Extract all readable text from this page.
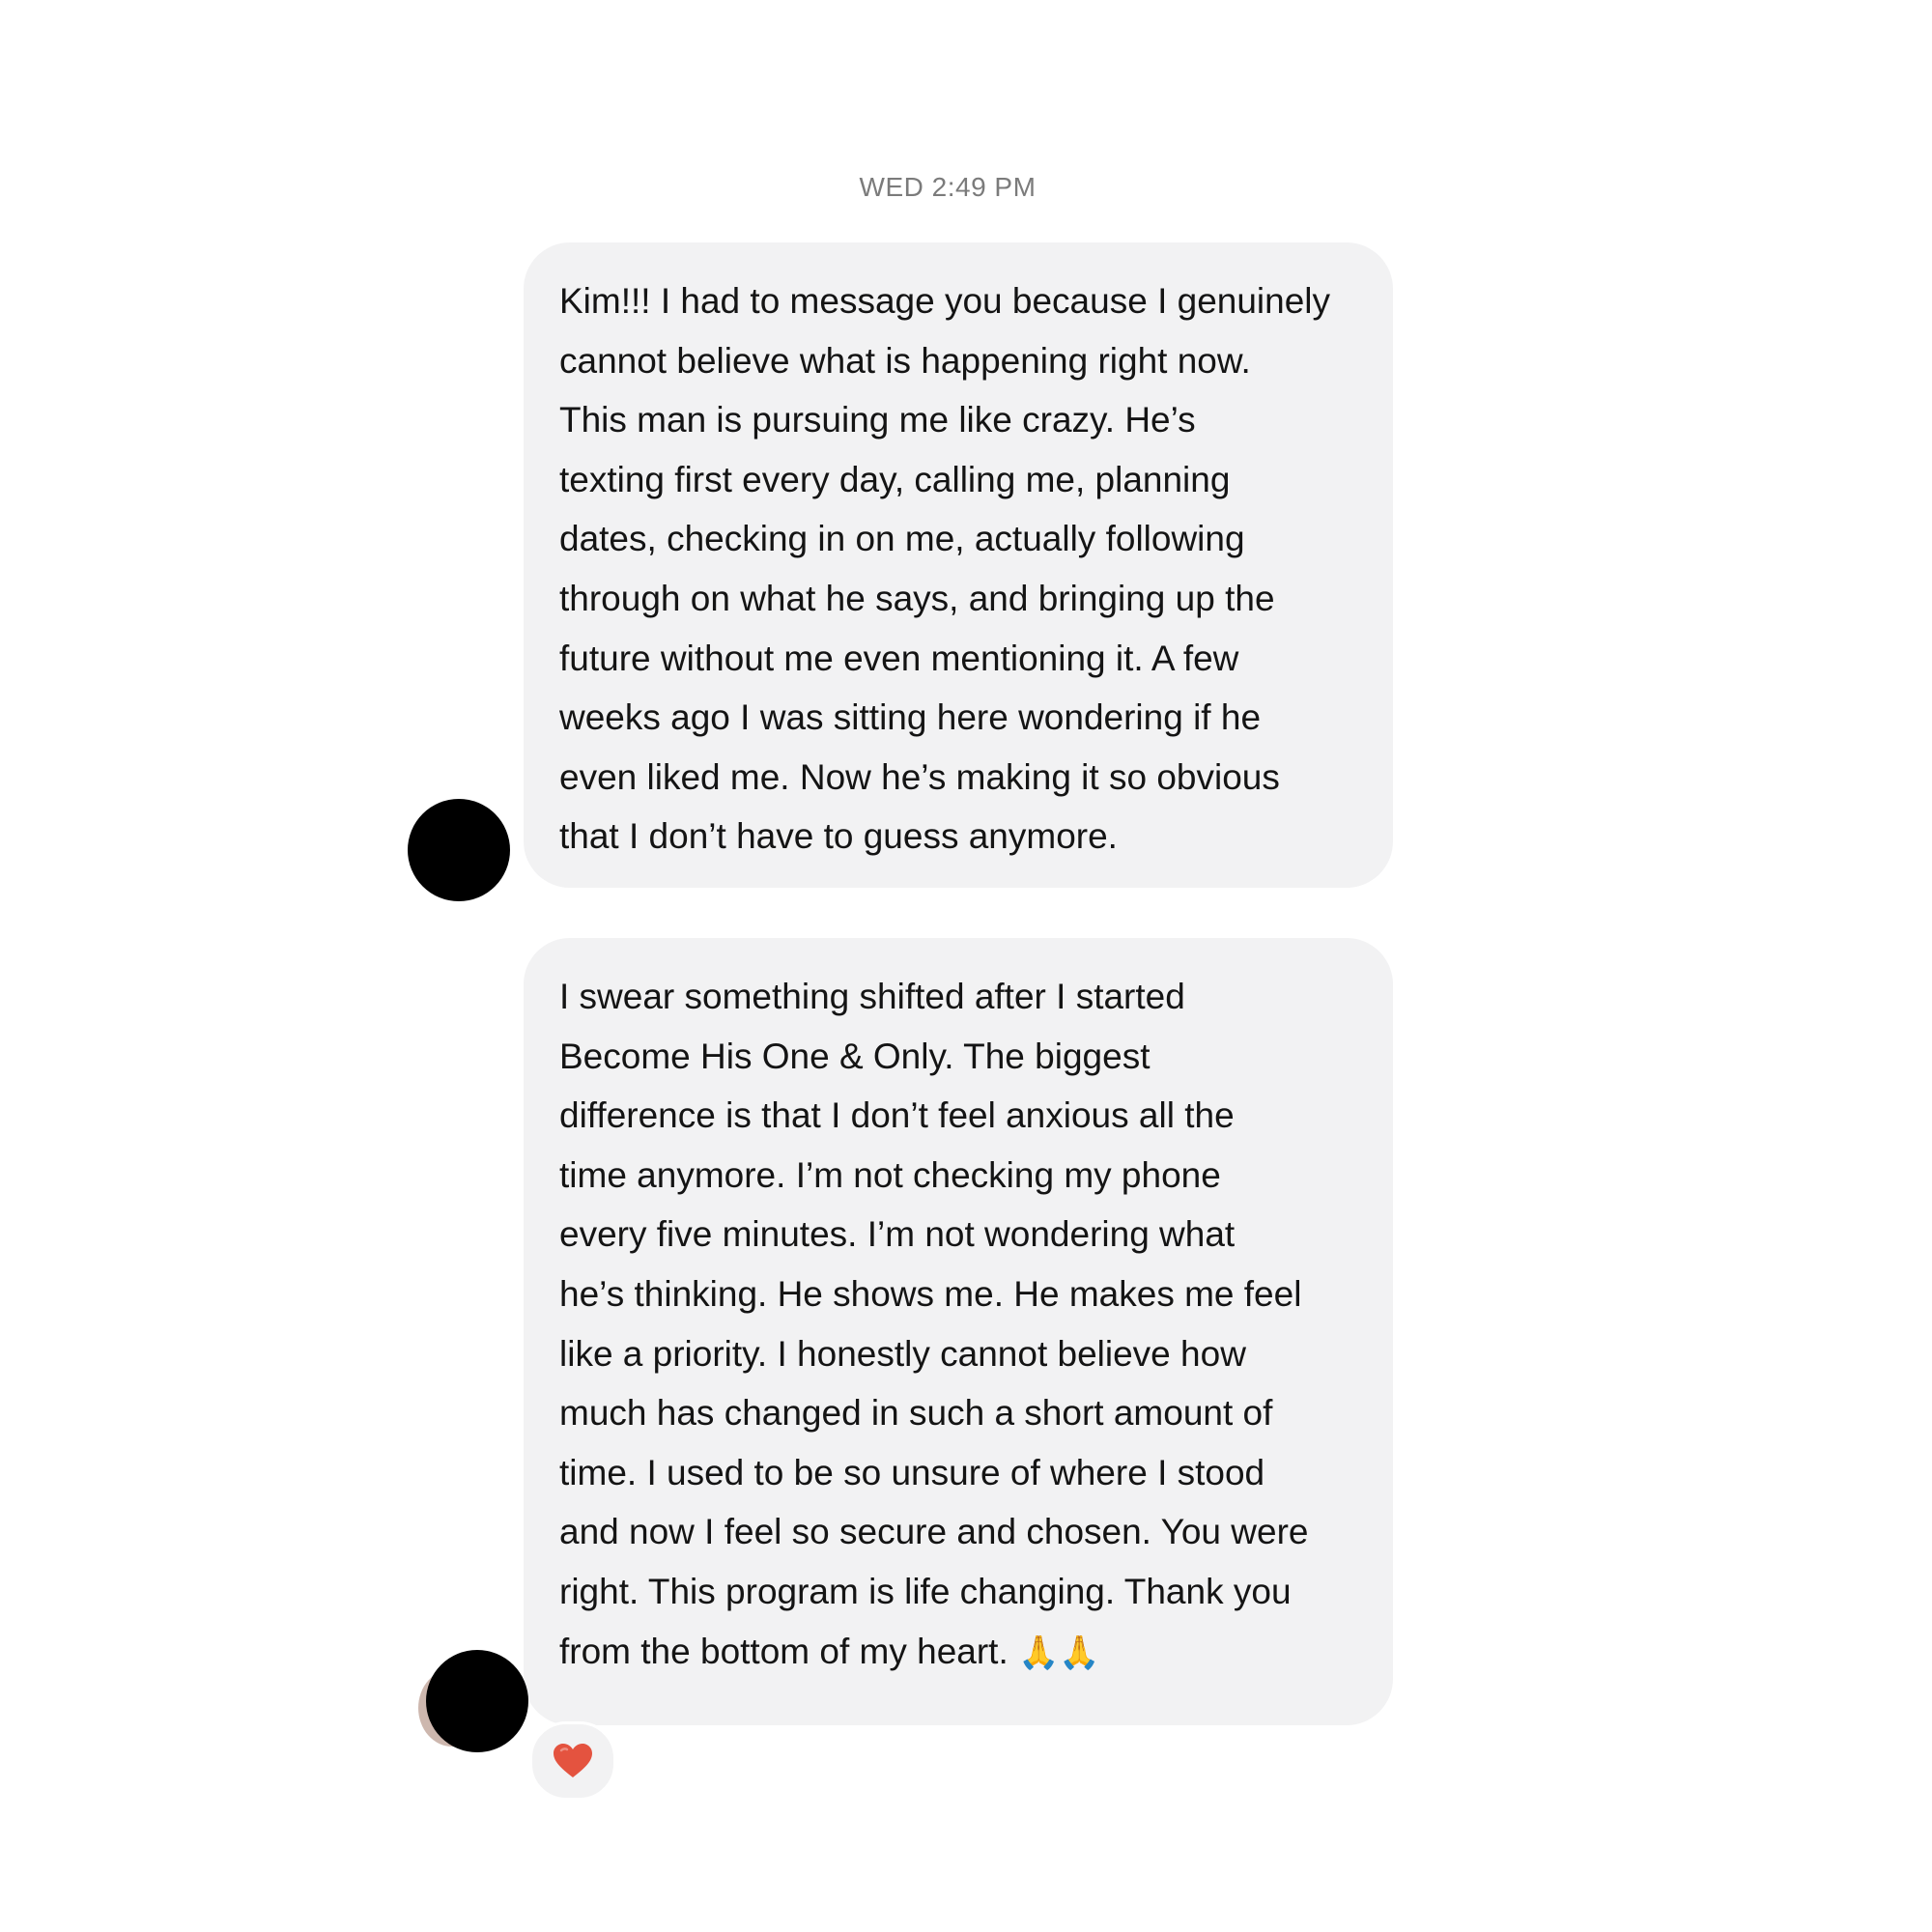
WED 2:49 PM

Kim!!! I had to message you because I genuinely
cannot believe what is happening right now.
This man is pursuing me like crazy. He’s
texting first every day, calling me, planning
dates, checking in on me, actually following
through on what he says, and bringing up the
future without me even mentioning it. A few
weeks ago I was sitting here wondering if he
even liked me. Now he’s making it so obvious
that I don’t have to guess anymore.

I swear something shifted after I started
Become His One & Only. The biggest
difference is that I don’t feel anxious all the
time anymore. I’m not checking my phone
every five minutes. I’m not wondering what
he’s thinking. He shows me. He makes me feel
like a priority. I honestly cannot believe how
much has changed in such a short amount of
time. I used to be so unsure of where I stood
and now I feel so secure and chosen. You were
right. This program is life changing. Thank you
from the bottom of my heart. 🙏🙏
